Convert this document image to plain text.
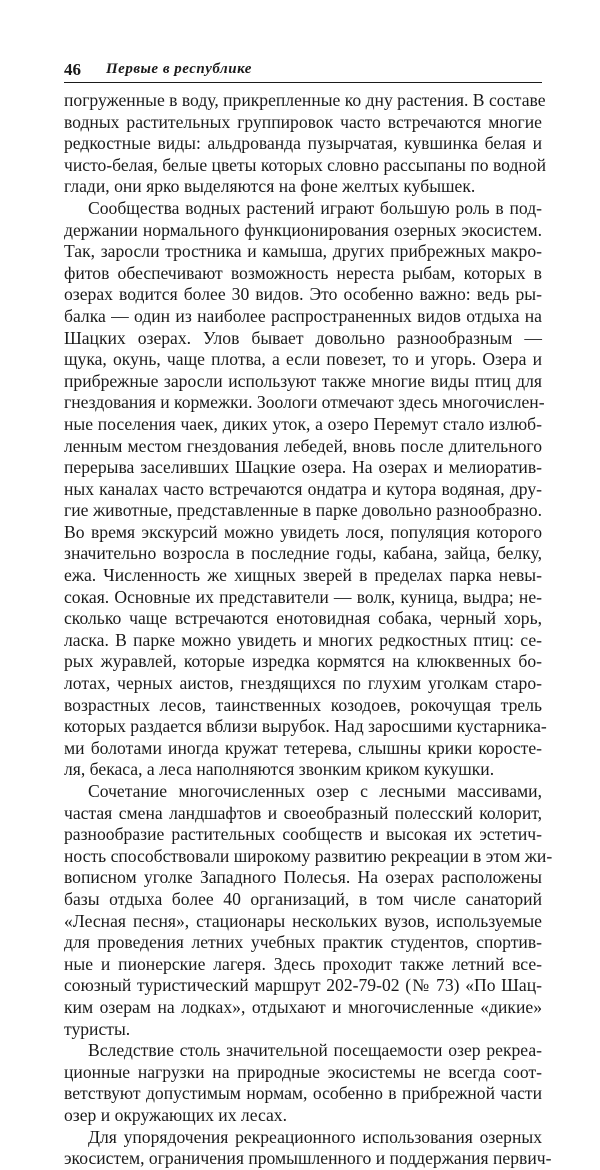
46 Первые в республике
погруженные в воду, прикрепленные ко дну растения. В составе
водных растительных группировок часто встречаются многие
редкостные виды: альдрованда пузырчатая, кувшинка белая и
чисто-белая, белые цветы которых словно рассыпаны по водной
глади, они ярко выделяются на фоне желтых кубышек.
Сообщества водных растений играют большую роль в под-
держании нормального функционирования озерных экосистем.
Так, заросли тростника и камыша, других прибрежных макро-
фитов обеспечивают возможность нереста рыбам, которых в
озерах водится более 30 видов. Это особенно важно: ведь ры-
балка — один из наиболее распространенных видов отдыха на
Шацких озерах. Улов бывает довольно разнообразным —
щука, окунь, чаще плотва, а если повезет, то и угорь. Озера и
прибрежные заросли используют также многие виды птиц для
гнездования и кормежки. Зоологи отмечают здесь многочислен-
ные поселения чаек, диких уток, а озеро Перемут стало излюб-
ленным местом гнездования лебедей, вновь после длительного
перерыва заселивших Шацкие озера. На озерах и мелиоратив-
ных каналах часто встречаются ондатра и кутора водяная, дру-
гие животные, представленные в парке довольно разнообразно.
Во время экскурсий можно увидеть лося, популяция которого
значительно возросла в последние годы, кабана, зайца, белку,
ежа. Численность же хищных зверей в пределах парка невы-
сокая. Основные их представители — волк, куница, выдра; не-
сколько чаще встречаются енотовидная собака, черный хорь,
ласка. В парке можно увидеть и многих редкостных птиц: се-
рых журавлей, которые изредка кормятся на клюквенных бо-
лотах, черных аистов, гнездящихся по глухим уголкам старо-
возрастных лесов, таинственных козодоев, рокочущая трель
которых раздается вблизи вырубок. Над заросшими кустарника-
ми болотами иногда кружат тетерева, слышны крики коросте-
ля, бекаса, а леса наполняются звонким криком кукушки.
Сочетание многочисленных озер с лесными массивами,
частая смена ландшафтов и своеобразный полесский колорит,
разнообразие растительных сообществ и высокая их эстетич-
ность способствовали широкому развитию рекреации в этом жи-
вописном уголке Западного Полесья. На озерах расположены
базы отдыха более 40 организаций, в том числе санаторий
«Лесная песня», стационары нескольких вузов, используемые
для проведения летних учебных практик студентов, спортив-
ные и пионерские лагеря. Здесь проходит также летний все-
союзный туристический маршрут 202-79-02 (№ 73) «По Шац-
ким озерам на лодках», отдыхают и многочисленные «дикие»
туристы.
Вследствие столь значительной посещаемости озер рекреа-
ционные нагрузки на природные экосистемы не всегда соот-
ветствуют допустимым нормам, особенно в прибрежной части
озер и окружающих их лесах.
Для упорядочения рекреационного использования озерных
экосистем, ограничения промышленного и поддержания первич-
